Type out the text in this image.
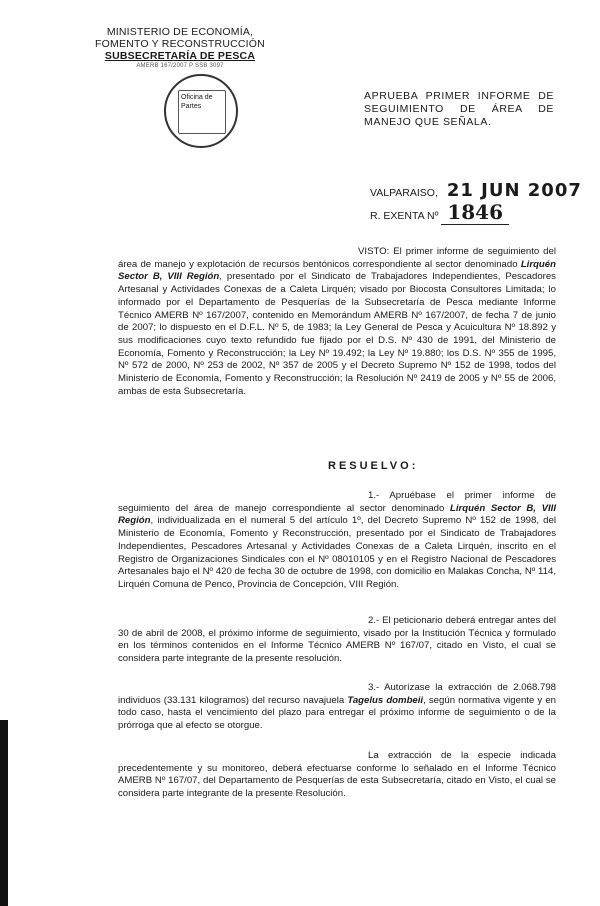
MINISTERIO DE ECONOMÍA,
FOMENTO Y RECONSTRUCCIÓN
SUBSECRETARÍA DE PESCA
AMERB 167/2007 P SSB 3097
Oficina de
Partes
APRUEBA PRIMER INFORME DE SEGUIMIENTO DE ÁREA DE MANEJO QUE SEÑALA.
VALPARAISO, 21 JUN 2007
R. EXENTA Nº 1846

VISTO: El primer informe de seguimiento del área de manejo y explotación de recursos bentónicos correspondiente al sector denominado Lirquén Sector B, VIII Región, presentado por el Sindicato de Trabajadores Independientes, Pescadores Artesanal y Actividades Conexas de a Caleta Lirquén; visado por Biocosta Consultores Limitada; lo informado por el Departamento de Pesquerías de la Subsecretaría de Pesca mediante Informe Técnico AMERB Nº 167/2007, contenido en Memorándum AMERB Nº 167/2007, de fecha 7 de junio de 2007; lo dispuesto en el D.F.L. Nº 5, de 1983; la Ley General de Pesca y Acuicultura Nº 18.892 y sus modificaciones cuyo texto refundido fue fijado por el D.S. Nº 430 de 1991, del Ministerio de Economía, Fomento y Reconstrucción; la Ley Nº 19.492; la Ley Nº 19.880; los D.S. Nº 355 de 1995, Nº 572 de 2000, Nº 253 de 2002, Nº 357 de 2005 y el Decreto Supremo Nº 152 de 1998, todos del Ministerio de Economía, Fomento y Reconstrucción; la Resolución Nº 2419 de 2005 y Nº 55 de 2006, ambas de esta Subsecretaría.

RESUELVO:

1.- Apruébase el primer informe de seguimiento del área de manejo correspondiente al sector denominado Lirquén Sector B, VIII Región, individualizada en el numeral 5 del artículo 1º, del Decreto Supremo Nº 152 de 1998, del Ministerio de Economía, Fomento y Reconstrucción, presentado por el Sindicato de Trabajadores Independientes, Pescadores Artesanal y Actividades Conexas de a Caleta Lirquén, inscrito en el Registro de Organizaciones Sindicales con el Nº 08010105 y en el Registro Nacional de Pescadores Artesanales bajo el Nº 420 de fecha 30 de octubre de 1998, con domicilio en Malakas Concha, Nº 114, Lirquén Comuna de Penco, Provincia de Concepción, VIII Región.

2.- El peticionario deberá entregar antes del 30 de abril de 2008, el próximo informe de seguimiento, visado por la Institución Técnica y formulado en los términos contenidos en el Informe Técnico AMERB Nº 167/07, citado en Visto, el cual se considera parte integrante de la presente resolución.

3.- Autorízase la extracción de 2.068.798 individuos (33.131 kilogramos) del recurso navajuela Tagelus dombeii, según normativa vigente y en todo caso, hasta el vencimiento del plazo para entregar el próximo informe de seguimiento o de la prórroga que al efecto se otorgue.

La extracción de la especie indicada precedentemente y su monitoreo, deberá efectuarse conforme lo señalado en el Informe Técnico AMERB Nº 167/07, del Departamento de Pesquerías de esta Subsecretaría, citado en Visto, el cual se considera parte integrante de la presente Resolución.
